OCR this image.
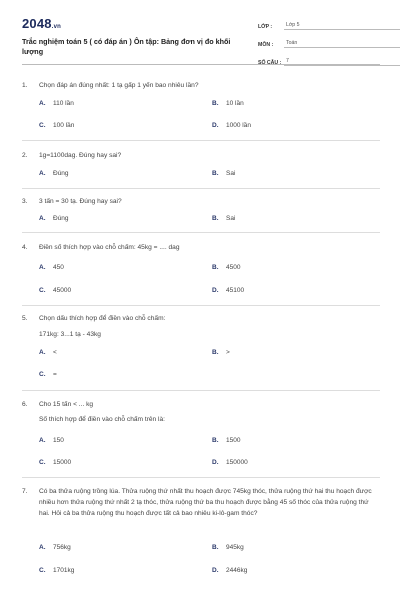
2048.vn
Trắc nghiệm toán 5 ( có đáp án ) Ôn tập: Bảng đơn vị đo khối lượng
LỚP :	Lớp 5
MÔN :	Toán
SỐ CÂU : 7
1.	Chọn đáp án đúng nhất: 1 tạ gấp 1 yến bao nhiêu lần?
A.	110 lần	B.	10 lần
C.	100 lần	D.	1000 lần
2.	1g=1100dag. Đúng hay sai?
A.	Đúng	B.	Sai
3.	3 tấn = 30 tạ. Đúng hay sai?
A.	Đúng	B.	Sai
4.	Điền số thích hợp vào chỗ chấm: 45kg = .... dag
A.	450	B.	4500
C.	45000	D.	45100
5.	Chọn dấu thích hợp để điền vào chỗ chấm:
171kg: 3...1 tạ - 43kg
A.	<	B.	>
C.	=
6.	Cho 15 tấn < ... kg
Số thích hợp để điền vào chỗ chấm trên là:
A.	150	B.	1500
C.	15000	D.	150000
7.	Có ba thửa ruộng trồng lúa. Thửa ruộng thứ nhất thu hoạch được 745kg thóc, thửa ruộng thứ hai thu hoạch được nhiều hơn thửa ruộng thứ nhất 2 tạ thóc, thửa ruộng thứ ba thu hoạch được bằng 45 số thóc của thửa ruộng thứ hai. Hỏi cả ba thửa ruộng thu hoạch được tất cả bao nhiêu ki-lô-gam thóc?
A.	756kg	B.	945kg
C.	1701kg	D.	2446kg
